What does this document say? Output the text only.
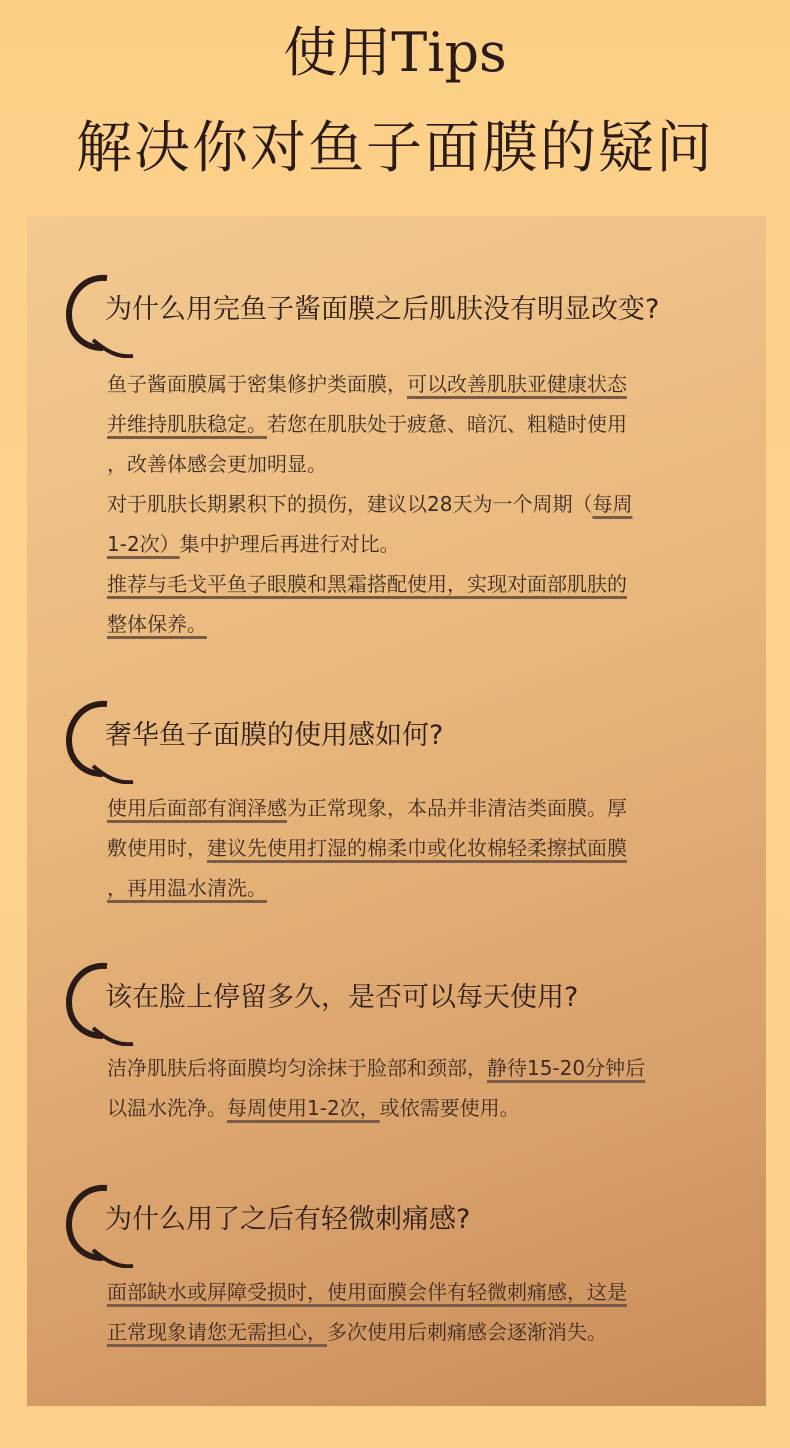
使用Tips
解决你对鱼子面膜的疑问
为什么用完鱼子酱面膜之后肌肤没有明显改变?
鱼子酱面膜属于密集修护类面膜，可以改善肌肤亚健康状态
并维持肌肤稳定。若您在肌肤处于疲惫、暗沉、粗糙时使用
，改善体感会更加明显。
对于肌肤长期累积下的损伤，建议以28天为一个周期（每周
1-2次）集中护理后再进行对比。
推荐与毛戈平鱼子眼膜和黑霜搭配使用，实现对面部肌肤的
整体保养。
奢华鱼子面膜的使用感如何?
使用后面部有润泽感为正常现象，本品并非清洁类面膜。厚
敷使用时，建议先使用打湿的棉柔巾或化妆棉轻柔擦拭面膜
，再用温水清洗。
该在脸上停留多久，是否可以每天使用?
洁净肌肤后将面膜均匀涂抹于脸部和颈部，静待15-20分钟后
以温水洗净。每周使用1-2次，或依需要使用。
为什么用了之后有轻微刺痛感?
面部缺水或屏障受损时，使用面膜会伴有轻微刺痛感，这是
正常现象请您无需担心，多次使用后刺痛感会逐渐消失。
